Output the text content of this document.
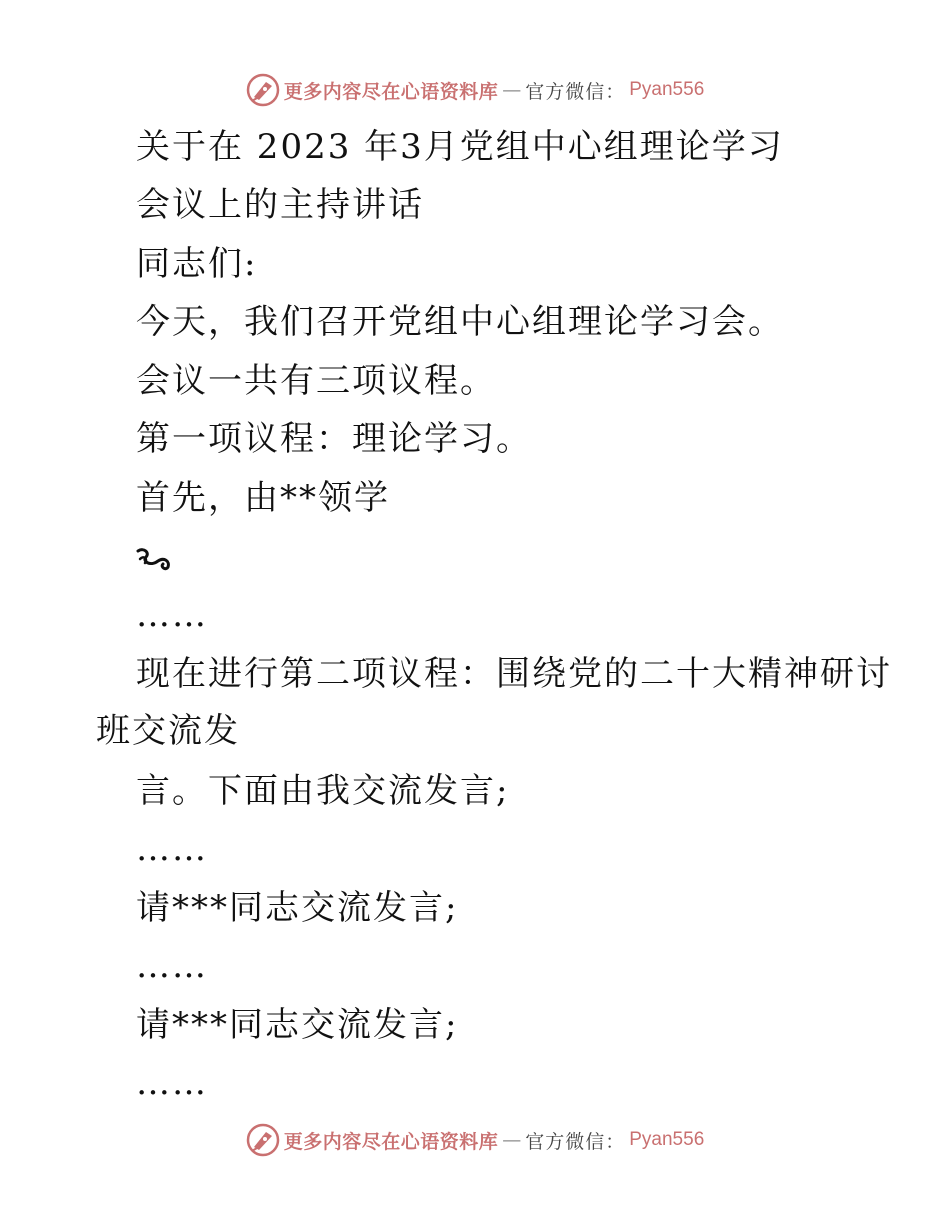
更多内容尽在心语资料库 — 官方微信： Pyan556
关于在 2023 年3月党组中心组理论学习
会议上的主持讲话
同志们:
今天，我们召开党组中心组理论学习会。
会议一共有三项议程。
第一项议程：理论学习。
首先，由**领学
……
现在进行第二项议程：围绕党的二十大精神研讨
班交流发
言。下面由我交流发言;
……
请***同志交流发言;
……
请***同志交流发言;
……
更多内容尽在心语资料库 — 官方微信： Pyan556
